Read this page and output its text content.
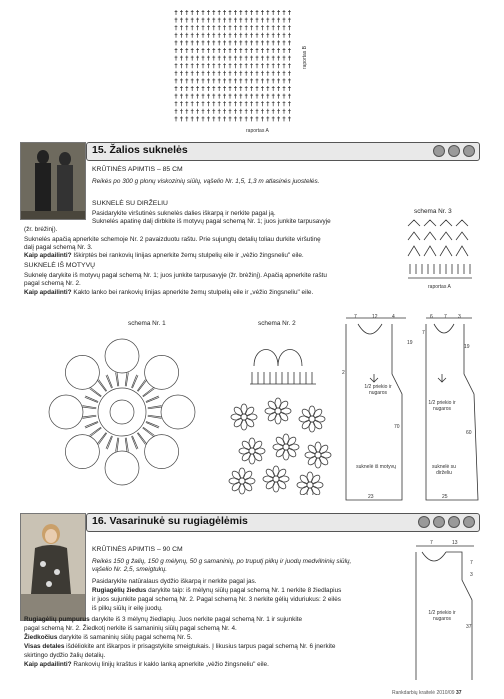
raportas A
raportas B
15. Žalios suknelės
KRŪTINĖS APIMTIS – 85 CM
Reikės po 300 g plonų viskozinių siūlų, vąšelio Nr. 1,5, 1,3 m atlasinės juostelės.
SUKNELĖ SU DIRŽELIU
Pasidarykite viršutinės suknelės dalies iškarpą ir nerkite pagal ją.
Suknelės apatinę dalį dirbkite iš motyvų pagal schemą Nr. 1; juos junkite tarpusavyje
(žr. brėžinį).
Suknelės apačią apnerkite schemoje Nr. 2 pavaizduotu raštu. Prie sujungtų detalių toliau durkite viršutinę
dalį pagal schemą Nr. 3.
Kaip apdailinti? Iškirptės bei rankovių linijas apnerkite žemų stulpelių eile ir „vėžio žingsneliu" eile.
SUKNELĖ IŠ MOTYVŲ
Suknelę darykite iš motyvų pagal schemą Nr. 1; juos junkite tarpusavyje (žr. brėžinį). Apačią apnerkite raštu
pagal schemą Nr. 2.
Kaip apdailinti? Kakto lanko bei rankovių linijas apnerkite žemų stulpelių eile ir „vėžio žingsneliu" eile.
schema Nr. 3
raportas A
schema Nr. 1	schema Nr. 2
7	12	4
2
19
70
1/2 priekio ir nugaros
suknelė iš motyvų
23
6 7 3
7
19
60
1/2 priekio ir nugaros
suknelė su dirželiu
25
16. Vasarinukė su rugiagėlėmis
KRŪTINĖS APIMTIS – 90 CM
Reikės 150 g žalių, 150 g mėlynų, 50 g samaninių, po truputį pilkų ir juodų medvilninių siūlų,
vąšelio Nr. 2,5, smeigtukų.
Pasidarykite natūralaus dydžio iškarpą ir nerkite pagal jas.
Rugiagėlių žiedus darykite taip: iš mėlynų siūlų pagal schemą Nr. 1 nerkite 8 žiedlapius
ir juos sujunkite pagal schemą Nr. 2. Pagal schemą Nr. 3 nerkite gėlių viduriukus: 2 eilės
iš pilkų siūlų ir eilę juodų.
Rugiagėlių pumpurus darykite iš 3 mėlynų žiedlapių. Juos nerkite pagal schemą Nr. 1 ir sujunkite
pagal schemą Nr. 2. Žiedkotį nerkite iš samaninių siūlų pagal schemą Nr. 4.
Žiedkočius darykite iš samaninių siūlų pagal schemą Nr. 5.
Visas detales išdėliokite ant iškarpos ir prisagstykite smeigtukais. Į likusius tarpus pagal schemą Nr. 6 įnerkite
skirtingo dydžio žalių detalių.
Kaip apdailinti? Rankovių linijų kraštus ir kaklo lanką apnerkite „vėžio žingsneliu" eile.
7	13
7
3
1/2 priekio ir nugaros
37
Rankdarbių kraitelė 2010/09 37
